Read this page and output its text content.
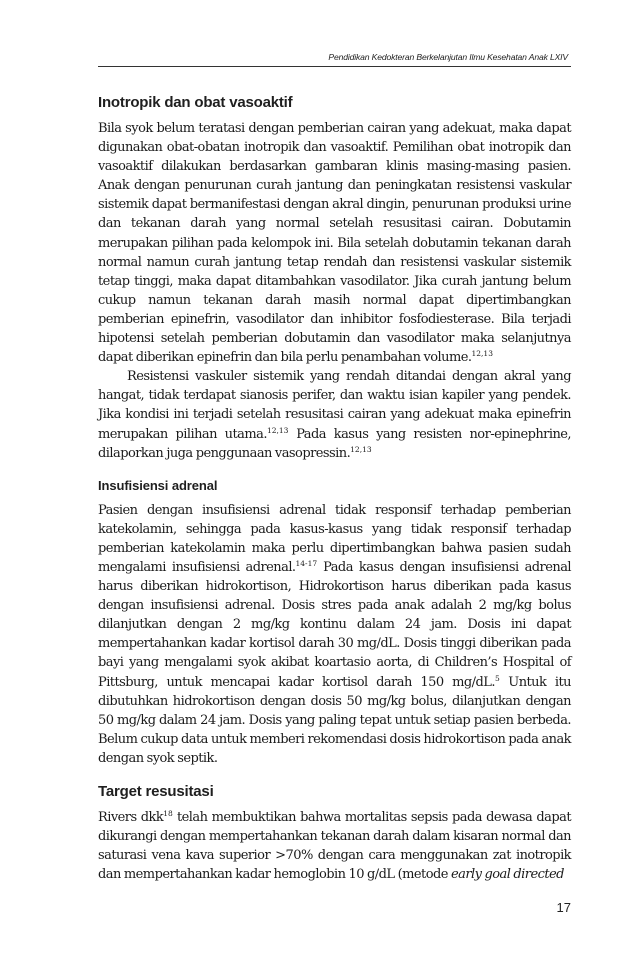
Pendidikan Kedokteran Berkelanjutan Ilmu Kesehatan Anak LXIV
Inotropik dan obat vasoaktif

Bila syok belum teratasi dengan pemberian cairan yang adekuat, maka dapat digunakan obat-obatan inotropik dan vasoaktif. Pemilihan obat inotropik dan vasoaktif dilakukan berdasarkan gambaran klinis masing-masing pasien. Anak dengan penurunan curah jantung dan peningkatan resistensi vaskular sistemik dapat bermanifestasi dengan akral dingin, penurunan produksi urine dan tekanan darah yang normal setelah resusitasi cairan. Dobutamin merupakan pilihan pada kelompok ini. Bila setelah dobutamin tekanan darah normal namun curah jantung tetap rendah dan resistensi vaskular sistemik tetap tinggi, maka dapat ditambahkan vasodilator. Jika curah jantung belum cukup namun tekanan darah masih normal dapat dipertimbangkan pemberian epinefrin, vasodilator dan inhibitor fosfodiesterase. Bila terjadi hipotensi setelah pemberian dobutamin dan vasodilator maka selanjutnya dapat diberikan epinefrin dan bila perlu penambahan volume.$^{12,13}$

Resistensi vaskuler sistemik yang rendah ditandai dengan akral yang hangat, tidak terdapat sianosis perifer, dan waktu isian kapiler yang pendek. Jika kondisi ini terjadi setelah resusitasi cairan yang adekuat maka epinefrin merupakan pilihan utama.$^{12,13}$ Pada kasus yang resisten nor-epinephrine, dilaporkan juga penggunaan vasopressin.$^{12,13}$

Insufisiensi adrenal

Pasien dengan insufisiensi adrenal tidak responsif terhadap pemberian katekolamin, sehingga pada kasus-kasus yang tidak responsif terhadap pemberian katekolamin maka perlu dipertimbangkan bahwa pasien sudah mengalami insufisiensi adrenal.$^{14-17}$ Pada kasus dengan insufisiensi adrenal harus diberikan hidrokortison, Hidrokortison harus diberikan pada kasus dengan insufisiensi adrenal. Dosis stres pada anak adalah 2 mg/kg bolus dilanjutkan dengan 2 mg/kg kontinu dalam 24 jam. Dosis ini dapat mempertahankan kadar kortisol darah 30 mg/dL. Dosis tinggi diberikan pada bayi yang mengalami syok akibat koartasio aorta, di Children’s Hospital of Pittsburg, untuk mencapai kadar kortisol darah 150 mg/dL.$^5$ Untuk itu dibutuhkan hidrokortison dengan dosis 50 mg/kg bolus, dilanjutkan dengan 50 mg/kg dalam 24 jam. Dosis yang paling tepat untuk setiap pasien berbeda. Belum cukup data untuk memberi rekomendasi dosis hidrokortison pada anak dengan syok septik.

Target resusitasi

Rivers dkk$^{18}$ telah membuktikan bahwa mortalitas sepsis pada dewasa dapat dikurangi dengan mempertahankan tekanan darah dalam kisaran normal dan saturasi vena kava superior >70% dengan cara menggunakan zat inotropik dan mempertahankan kadar hemoglobin 10 g/dL (metode early goal directed

17
